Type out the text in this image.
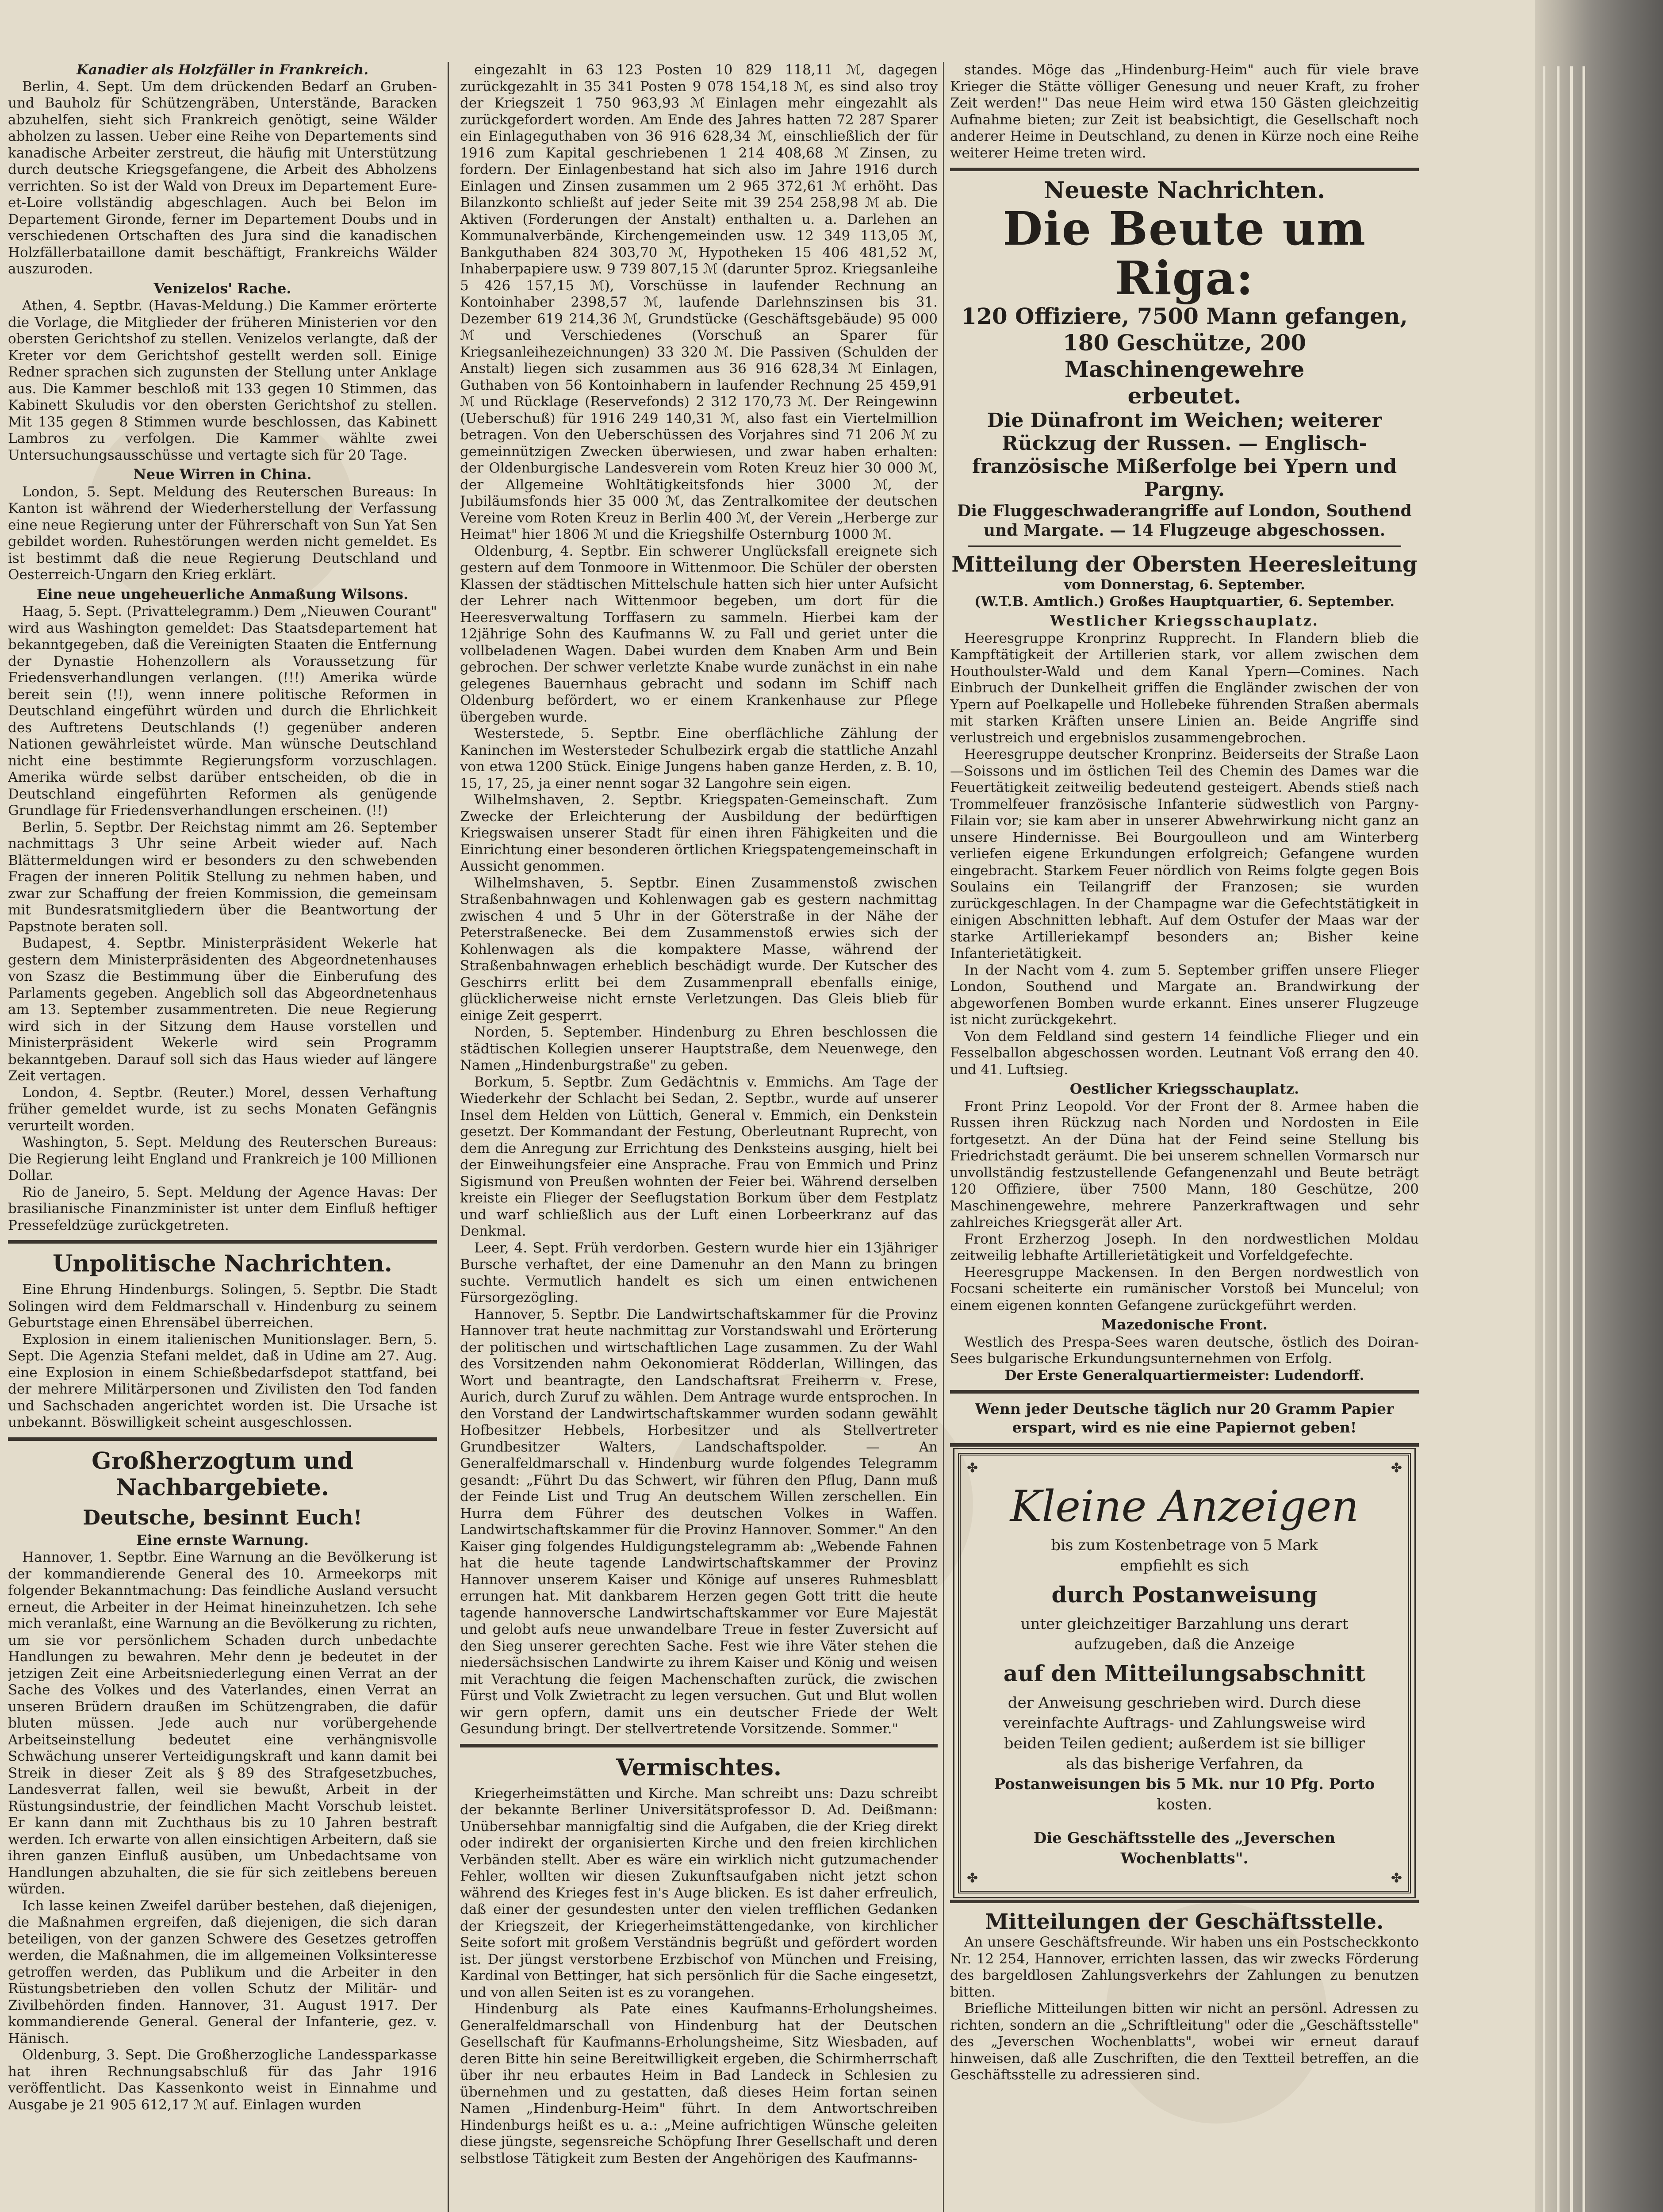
Kanadier als Holzfäller in Frankreich.

Berlin, 4. Sept. Um dem drückenden Bedarf an Gruben- und Bauholz für Schützengräben, Unterstände, Baracken abzuhelfen, sieht sich Frankreich genötigt, seine Wälder abholzen zu lassen. Ueber eine Reihe von Departements sind kanadische Arbeiter zerstreut, die häufig mit Unterstützung durch deutsche Kriegsgefangene, die Arbeit des Abholzens verrichten. So ist der Wald von Dreux im Departement Eure-et-Loire vollständig abgeschlagen. Auch bei Belon im Departement Gironde, ferner im Departement Doubs und in verschiedenen Ortschaften des Jura sind die kanadischen Holzfällerbataillone damit beschäftigt, Frankreichs Wälder auszuroden.

Venizelos' Rache.

Athen, 4. Septbr. (Havas-Meldung.) Die Kammer erörterte die Vorlage, die Mitglieder der früheren Ministerien vor den obersten Gerichtshof zu stellen. Venizelos verlangte, daß der Kreter vor dem Gerichtshof gestellt werden soll. Einige Redner sprachen sich zugunsten der Stellung unter Anklage aus. Die Kammer beschloß mit 133 gegen 10 Stimmen, das Kabinett Skuludis vor den obersten Gerichtshof zu stellen. Mit 135 gegen 8 Stimmen wurde beschlossen, das Kabinett Lambros zu verfolgen. Die Kammer wählte zwei Untersuchungsausschüsse und vertagte sich für 20 Tage.

Neue Wirren in China.

London, 5. Sept. Meldung des Reuterschen Bureaus: In Kanton ist während der Wiederherstellung der Verfassung eine neue Regierung unter der Führerschaft von Sun Yat Sen gebildet worden. Ruhestörungen werden nicht gemeldet. Es ist bestimmt daß die neue Regierung Deutschland und Oesterreich-Ungarn den Krieg erklärt.

Eine neue ungeheuerliche Anmaßung Wilsons.

Haag, 5. Sept. (Privattelegramm.) Dem „Nieuwen Courant" wird aus Washington gemeldet: Das Staatsdepartement hat bekanntgegeben, daß die Vereinigten Staaten die Entfernung der Dynastie Hohenzollern als Voraussetzung für Friedensverhandlungen verlangen. (!!!) Amerika würde bereit sein (!!), wenn innere politische Reformen in Deutschland eingeführt würden und durch die Ehrlichkeit des Auftretens Deutschlands (!) gegenüber anderen Nationen gewährleistet würde. Man wünsche Deutschland nicht eine bestimmte Regierungsform vorzuschlagen. Amerika würde selbst darüber entscheiden, ob die in Deutschland eingeführten Reformen als genügende Grundlage für Friedensverhandlungen erscheinen. (!!)

Berlin, 5. Septbr. Der Reichstag nimmt am 26. September nachmittags 3 Uhr seine Arbeit wieder auf. Nach Blättermeldungen wird er besonders zu den schwebenden Fragen der inneren Politik Stellung zu nehmen haben, und zwar zur Schaffung der freien Kommission, die gemeinsam mit Bundesratsmitgliedern über die Beantwortung der Papstnote beraten soll.

Budapest, 4. Septbr. Ministerpräsident Wekerle hat gestern dem Ministerpräsidenten des Abgeordnetenhauses von Szasz die Bestimmung über die Einberufung des Parlaments gegeben. Angeblich soll das Abgeordnetenhaus am 13. September zusammentreten. Die neue Regierung wird sich in der Sitzung dem Hause vorstellen und Ministerpräsident Wekerle wird sein Programm bekanntgeben. Darauf soll sich das Haus wieder auf längere Zeit vertagen.

London, 4. Septbr. (Reuter.) Morel, dessen Verhaftung früher gemeldet wurde, ist zu sechs Monaten Gefängnis verurteilt worden.

Washington, 5. Sept. Meldung des Reuterschen Bureaus: Die Regierung leiht England und Frankreich je 100 Millionen Dollar.

Rio de Janeiro, 5. Sept. Meldung der Agence Havas: Der brasilianische Finanzminister ist unter dem Einfluß heftiger Pressefeldzüge zurückgetreten.

Unpolitische Nachrichten.

Eine Ehrung Hindenburgs. Solingen, 5. Septbr. Die Stadt Solingen wird dem Feldmarschall v. Hindenburg zu seinem Geburtstage einen Ehrensäbel überreichen.

Explosion in einem italienischen Munitionslager. Bern, 5. Sept. Die Agenzia Stefani meldet, daß in Udine am 27. Aug. eine Explosion in einem Schießbedarfsdepot stattfand, bei der mehrere Militärpersonen und Zivilisten den Tod fanden und Sachschaden angerichtet worden ist. Die Ursache ist unbekannt. Böswilligkeit scheint ausgeschlossen.

Großherzogtum und Nachbargebiete.
Deutsche, besinnt Euch!

Eine ernste Warnung.

Hannover, 1. Septbr. Eine Warnung an die Bevölkerung ist der kommandierende General des 10. Armeekorps mit folgender Bekanntmachung: Das feindliche Ausland versucht erneut, die Arbeiter in der Heimat hineinzuhetzen. Ich sehe mich veranlaßt, eine Warnung an die Bevölkerung zu richten, um sie vor persönlichem Schaden durch unbedachte Handlungen zu bewahren. Mehr denn je bedeutet in der jetzigen Zeit eine Arbeitsniederlegung einen Verrat an der Sache des Volkes und des Vaterlandes, einen Verrat an unseren Brüdern draußen im Schützengraben, die dafür bluten müssen. Jede auch nur vorübergehende Arbeitseinstellung bedeutet eine verhängnisvolle Schwächung unserer Verteidigungskraft und kann damit bei Streik in dieser Zeit als § 89 des Strafgesetzbuches, Landesverrat fallen, weil sie bewußt, Arbeit in der Rüstungsindustrie, der feindlichen Macht Vorschub leistet. Er kann dann mit Zuchthaus bis zu 10 Jahren bestraft werden. Ich erwarte von allen einsichtigen Arbeitern, daß sie ihren ganzen Einfluß ausüben, um Unbedachtsame von Handlungen abzuhalten, die sie für sich zeitlebens bereuen würden.

Ich lasse keinen Zweifel darüber bestehen, daß diejenigen, die Maßnahmen ergreifen, daß diejenigen, die sich daran beteiligen, von der ganzen Schwere des Gesetzes getroffen werden, die Maßnahmen, die im allgemeinen Volksinteresse getroffen werden, das Publikum und die Arbeiter in den Rüstungsbetrieben den vollen Schutz der Militär- und Zivilbehörden finden. Hannover, 31. August 1917. Der kommandierende General. General der Infanterie, gez. v. Hänisch.

Oldenburg, 3. Sept. Die Großherzogliche Landessparkasse hat ihren Rechnungsabschluß für das Jahr 1916 veröffentlicht. Das Kassenkonto weist in Einnahme und Ausgabe je 21 905 612,17 ℳ auf. Einlagen wurden

eingezahlt in 63 123 Posten 10 829 118,11 ℳ, dagegen zurückgezahlt in 35 341 Posten 9 078 154,18 ℳ, es sind also troy der Kriegszeit 1 750 963,93 ℳ Einlagen mehr eingezahlt als zurückgefordert worden. Am Ende des Jahres hatten 72 287 Sparer ein Einlageguthaben von 36 916 628,34 ℳ, einschließlich der für 1916 zum Kapital geschriebenen 1 214 408,68 ℳ Zinsen, zu fordern. Der Einlagenbestand hat sich also im Jahre 1916 durch Einlagen und Zinsen zusammen um 2 965 372,61 ℳ erhöht. Das Bilanzkonto schließt auf jeder Seite mit 39 254 258,98 ℳ ab. Die Aktiven (Forderungen der Anstalt) enthalten u. a. Darlehen an Kommunalverbände, Kirchengemeinden usw. 12 349 113,05 ℳ, Bankguthaben 824 303,70 ℳ, Hypotheken 15 406 481,52 ℳ, Inhaberpapiere usw. 9 739 807,15 ℳ (darunter 5proz. Kriegsanleihe 5 426 157,15 ℳ), Vorschüsse in laufender Rechnung an Kontoinhaber 2398,57 ℳ, laufende Darlehnszinsen bis 31. Dezember 619 214,36 ℳ, Grundstücke (Geschäftsgebäude) 95 000 ℳ und Verschiedenes (Vorschuß an Sparer für Kriegsanleihezeichnungen) 33 320 ℳ. Die Passiven (Schulden der Anstalt) liegen sich zusammen aus 36 916 628,34 ℳ Einlagen, Guthaben von 56 Kontoinhabern in laufender Rechnung 25 459,91 ℳ und Rücklage (Reservefonds) 2 312 170,73 ℳ. Der Reingewinn (Ueberschuß) für 1916 249 140,31 ℳ, also fast ein Viertelmillion betragen. Von den Ueberschüssen des Vorjahres sind 71 206 ℳ zu gemeinnützigen Zwecken überwiesen, und zwar haben erhalten: der Oldenburgische Landesverein vom Roten Kreuz hier 30 000 ℳ, der Allgemeine Wohltätigkeitsfonds hier 3000 ℳ, der Jubiläumsfonds hier 35 000 ℳ, das Zentralkomitee der deutschen Vereine vom Roten Kreuz in Berlin 400 ℳ, der Verein „Herberge zur Heimat" hier 1806 ℳ und die Kriegshilfe Osternburg 1000 ℳ.

Oldenburg, 4. Septbr. Ein schwerer Unglücksfall ereignete sich gestern auf dem Tonmoore in Wittenmoor. Die Schüler der obersten Klassen der städtischen Mittelschule hatten sich hier unter Aufsicht der Lehrer nach Wittenmoor begeben, um dort für die Heeresverwaltung Torffasern zu sammeln. Hierbei kam der 12jährige Sohn des Kaufmanns W. zu Fall und geriet unter die vollbeladenen Wagen. Dabei wurden dem Knaben Arm und Bein gebrochen. Der schwer verletzte Knabe wurde zunächst in ein nahe gelegenes Bauernhaus gebracht und sodann im Schiff nach Oldenburg befördert, wo er einem Krankenhause zur Pflege übergeben wurde.

Westerstede, 5. Septbr. Eine oberflächliche Zählung der Kaninchen im Westersteder Schulbezirk ergab die stattliche Anzahl von etwa 1200 Stück. Einige Jungens haben ganze Herden, z. B. 10, 15, 17, 25, ja einer nennt sogar 32 Langohre sein eigen.

Wilhelmshaven, 2. Septbr. Kriegspaten-Gemeinschaft. Zum Zwecke der Erleichterung der Ausbildung der bedürftigen Kriegswaisen unserer Stadt für einen ihren Fähigkeiten und die Einrichtung einer besonderen örtlichen Kriegspatengemeinschaft in Aussicht genommen.

Wilhelmshaven, 5. Septbr. Einen Zusammenstoß zwischen Straßenbahnwagen und Kohlenwagen gab es gestern nachmittag zwischen 4 und 5 Uhr in der Göterstraße in der Nähe der Peterstraßenecke. Bei dem Zusammenstoß erwies sich der Kohlenwagen als die kompaktere Masse, während der Straßenbahnwagen erheblich beschädigt wurde. Der Kutscher des Geschirrs erlitt bei dem Zusammenprall ebenfalls einige, glücklicherweise nicht ernste Verletzungen. Das Gleis blieb für einige Zeit gesperrt.

Norden, 5. September. Hindenburg zu Ehren beschlossen die städtischen Kollegien unserer Hauptstraße, dem Neuenwege, den Namen „Hindenburgstraße" zu geben.

Borkum, 5. Septbr. Zum Gedächtnis v. Emmichs. Am Tage der Wiederkehr der Schlacht bei Sedan, 2. Septbr., wurde auf unserer Insel dem Helden von Lüttich, General v. Emmich, ein Denkstein gesetzt. Der Kommandant der Festung, Oberleutnant Ruprecht, von dem die Anregung zur Errichtung des Denksteins ausging, hielt bei der Einweihungsfeier eine Ansprache. Frau von Emmich und Prinz Sigismund von Preußen wohnten der Feier bei. Während derselben kreiste ein Flieger der Seeflugstation Borkum über dem Festplatz und warf schließlich aus der Luft einen Lorbeerkranz auf das Denkmal.

Leer, 4. Sept. Früh verdorben. Gestern wurde hier ein 13jähriger Bursche verhaftet, der eine Damenuhr an den Mann zu bringen suchte. Vermutlich handelt es sich um einen entwichenen Fürsorgezögling.

Hannover, 5. Septbr. Die Landwirtschaftskammer für die Provinz Hannover trat heute nachmittag zur Vorstandswahl und Erörterung der politischen und wirtschaftlichen Lage zusammen. Zu der Wahl des Vorsitzenden nahm Oekonomierat Rödderlan, Willingen, das Wort und beantragte, den Landschaftsrat Freiherrn v. Frese, Aurich, durch Zuruf zu wählen. Dem Antrage wurde entsprochen. In den Vorstand der Landwirtschaftskammer wurden sodann gewählt Hofbesitzer Hebbels, Horbesitzer und als Stellvertreter Grundbesitzer Walters, Landschaftspolder. — An Generalfeldmarschall v. Hindenburg wurde folgendes Telegramm gesandt: „Führt Du das Schwert, wir führen den Pflug, Dann muß der Feinde List und Trug An deutschem Willen zerschellen. Ein Hurra dem Führer des deutschen Volkes in Waffen. Landwirtschaftskammer für die Provinz Hannover. Sommer." An den Kaiser ging folgendes Huldigungstelegramm ab: „Webende Fahnen hat die heute tagende Landwirtschaftskammer der Provinz Hannover unserem Kaiser und Könige auf unseres Ruhmesblatt errungen hat. Mit dankbarem Herzen gegen Gott tritt die heute tagende hannoversche Landwirtschaftskammer vor Eure Majestät und gelobt aufs neue unwandelbare Treue in fester Zuversicht auf den Sieg unserer gerechten Sache. Fest wie ihre Väter stehen die niedersächsischen Landwirte zu ihrem Kaiser und König und weisen mit Verachtung die feigen Machenschaften zurück, die zwischen Fürst und Volk Zwietracht zu legen versuchen. Gut und Blut wollen wir gern opfern, damit uns ein deutscher Friede der Welt Gesundung bringt. Der stellvertretende Vorsitzende. Sommer."

Vermischtes.

Kriegerheimstätten und Kirche. Man schreibt uns: Dazu schreibt der bekannte Berliner Universitätsprofessor D. Ad. Deißmann: Unübersehbar mannigfaltig sind die Aufgaben, die der Krieg direkt oder indirekt der organisierten Kirche und den freien kirchlichen Verbänden stellt. Aber es wäre ein wirklich nicht gutzumachender Fehler, wollten wir diesen Zukunftsaufgaben nicht jetzt schon während des Krieges fest in's Auge blicken. Es ist daher erfreulich, daß einer der gesundesten unter den vielen trefflichen Gedanken der Kriegszeit, der Kriegerheimstättengedanke, von kirchlicher Seite sofort mit großem Verständnis begrüßt und gefördert worden ist. Der jüngst verstorbene Erzbischof von München und Freising, Kardinal von Bettinger, hat sich persönlich für die Sache eingesetzt, und von allen Seiten ist es zu vorangehen.

Hindenburg als Pate eines Kaufmanns-Erholungsheimes. Generalfeldmarschall von Hindenburg hat der Deutschen Gesellschaft für Kaufmanns-Erholungsheime, Sitz Wiesbaden, auf deren Bitte hin seine Bereitwilligkeit ergeben, die Schirmherrschaft über ihr neu erbautes Heim in Bad Landeck in Schlesien zu übernehmen und zu gestatten, daß dieses Heim fortan seinen Namen „Hindenburg-Heim" führt. In dem Antwortschreiben Hindenburgs heißt es u. a.: „Meine aufrichtigen Wünsche geleiten diese jüngste, segensreiche Schöpfung Ihrer Gesellschaft und deren selbstlose Tätigkeit zum Besten der Angehörigen des Kaufmanns-

standes. Möge das „Hindenburg-Heim" auch für viele brave Krieger die Stätte völliger Genesung und neuer Kraft, zu froher Zeit werden!" Das neue Heim wird etwa 150 Gästen gleichzeitig Aufnahme bieten; zur Zeit ist beabsichtigt, die Gesellschaft noch anderer Heime in Deutschland, zu denen in Kürze noch eine Reihe weiterer Heime treten wird.

Neueste Nachrichten.
Die Beute um Riga:
120 Offiziere, 7500 Mann gefangen,
180 Geschütze, 200 Maschinengewehre
erbeutet.
Die Dünafront im Weichen; weiterer Rückzug der Russen. — Englisch-französische Mißerfolge bei Ypern und Pargny.
Die Fluggeschwaderangriffe auf London, Southend und Margate. — 14 Flugzeuge abgeschossen.
Mitteilung der Obersten Heeresleitung

vom Donnerstag, 6. September.

(W.T.B. Amtlich.) Großes Hauptquartier, 6. September.

Westlicher Kriegsschauplatz.

Heeresgruppe Kronprinz Rupprecht. In Flandern blieb die Kampftätigkeit der Artillerien stark, vor allem zwischen dem Houthoulster-Wald und dem Kanal Ypern—Comines. Nach Einbruch der Dunkelheit griffen die Engländer zwischen der von Ypern auf Poelkapelle und Hollebeke führenden Straßen abermals mit starken Kräften unsere Linien an. Beide Angriffe sind verlustreich und ergebnislos zusammengebrochen.

Heeresgruppe deutscher Kronprinz. Beiderseits der Straße Laon—Soissons und im östlichen Teil des Chemin des Dames war die Feuertätigkeit zeitweilig bedeutend gesteigert. Abends stieß nach Trommelfeuer französische Infanterie südwestlich von Pargny-Filain vor; sie kam aber in unserer Abwehrwirkung nicht ganz an unsere Hindernisse. Bei Bourgoulleon und am Winterberg verliefen eigene Erkundungen erfolgreich; Gefangene wurden eingebracht. Starkem Feuer nördlich von Reims folgte gegen Bois Soulains ein Teilangriff der Franzosen; sie wurden zurückgeschlagen. In der Champagne war die Gefechtstätigkeit in einigen Abschnitten lebhaft. Auf dem Ostufer der Maas war der starke Artilleriekampf besonders an; Bisher keine Infanterietätigkeit.

In der Nacht vom 4. zum 5. September griffen unsere Flieger London, Southend und Margate an. Brandwirkung der abgeworfenen Bomben wurde erkannt. Eines unserer Flugzeuge ist nicht zurückgekehrt.

Von dem Feldland sind gestern 14 feindliche Flieger und ein Fesselballon abgeschossen worden. Leutnant Voß errang den 40. und 41. Luftsieg.

Oestlicher Kriegsschauplatz.

Front Prinz Leopold. Vor der Front der 8. Armee haben die Russen ihren Rückzug nach Norden und Nordosten in Eile fortgesetzt. An der Düna hat der Feind seine Stellung bis Friedrichstadt geräumt. Die bei unserem schnellen Vormarsch nur unvollständig festzustellende Gefangenenzahl und Beute beträgt 120 Offiziere, über 7500 Mann, 180 Geschütze, 200 Maschinengewehre, mehrere Panzerkraftwagen und sehr zahlreiches Kriegsgerät aller Art.

Front Erzherzog Joseph. In den nordwestlichen Moldau zeitweilig lebhafte Artillerietätigkeit und Vorfeldgefechte.

Heeresgruppe Mackensen. In den Bergen nordwestlich von Focsani scheiterte ein rumänischer Vorstoß bei Muncelul; von einem eigenen konnten Gefangene zurückgeführt werden.

Mazedonische Front.

Westlich des Prespa-Sees waren deutsche, östlich des Doiran-Sees bulgarische Erkundungsunternehmen von Erfolg.

Der Erste Generalquartiermeister: Ludendorff.

Wenn jeder Deutsche täglich nur 20 Gramm Papier erspart, wird es nie eine Papiernot geben!

✤	✤
✤	✤
Kleine Anzeigen

bis zum Kostenbetrage von 5 Mark

empfiehlt es sich

durch Postanweisung

unter gleichzeitiger Barzahlung uns derart aufzugeben, daß die Anzeige

auf den Mitteilungsabschnitt

der Anweisung geschrieben wird. Durch diese vereinfachte Auftrags- und Zahlungsweise wird beiden Teilen gedient; außerdem ist sie billiger als das bisherige Verfahren, da

Postanweisungen bis 5 Mk. nur 10 Pfg. Porto

kosten.

Die Geschäftsstelle des „Jeverschen Wochenblatts".

Mitteilungen der Geschäftsstelle.

An unsere Geschäftsfreunde. Wir haben uns ein Postscheckkonto Nr. 12 254, Hannover, errichten lassen, das wir zwecks Förderung des bargeldlosen Zahlungsverkehrs der Zahlungen zu benutzen bitten.

Briefliche Mitteilungen bitten wir nicht an persönl. Adressen zu richten, sondern an die „Schriftleitung" oder die „Geschäftsstelle" des „Jeverschen Wochenblatts", wobei wir erneut darauf hinweisen, daß alle Zuschriften, die den Textteil betreffen, an die Geschäftsstelle zu adressieren sind.
